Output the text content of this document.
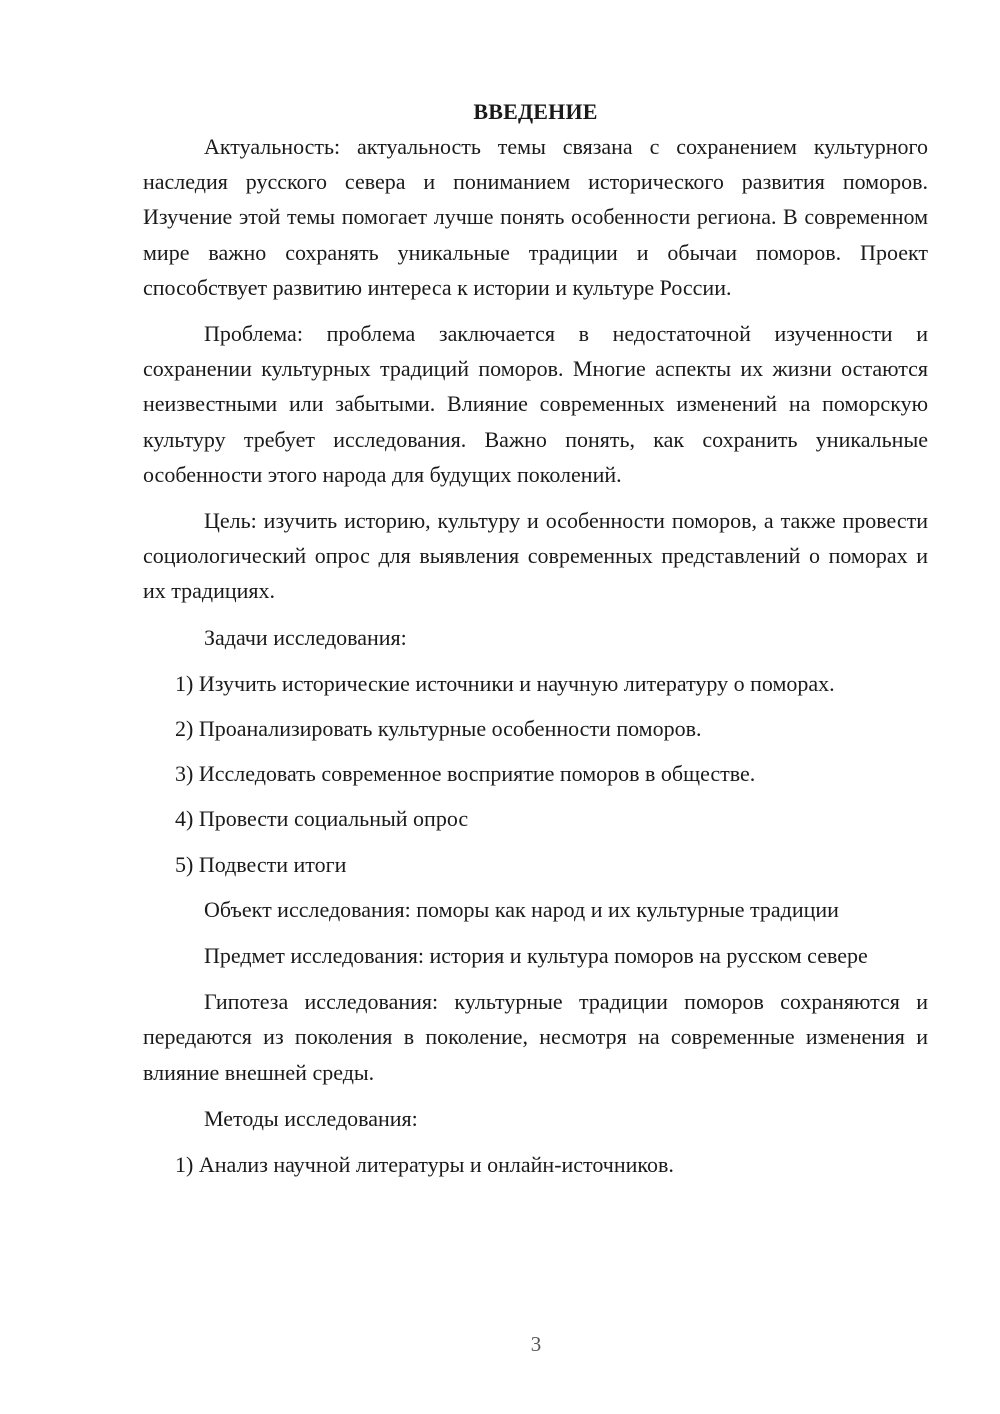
ВВЕДЕНИЕ

Актуальность: актуальность темы связана с сохранением культурного наследия русского севера и пониманием исторического развития поморов. Изучение этой темы помогает лучше понять особенности региона. В современном мире важно сохранять уникальные традиции и обычаи поморов. Проект способствует развитию интереса к истории и культуре России.

Проблема: проблема заключается в недостаточной изученности и сохранении культурных традиций поморов. Многие аспекты их жизни остаются неизвестными или забытыми. Влияние современных изменений на поморскую культуру требует исследования. Важно понять, как сохранить уникальные особенности этого народа для будущих поколений.

Цель: изучить историю, культуру и особенности поморов, а также провести социологический опрос для выявления современных представлений о поморах и их традициях.

Задачи исследования:

1) Изучить исторические источники и научную литературу о поморах.
2) Проанализировать культурные особенности поморов.
3) Исследовать современное восприятие поморов в обществе.
4) Провести социальный опрос
5) Подвести итоги

Объект исследования: поморы как народ и их культурные традиции

Предмет исследования: история и культура поморов на русском севере

Гипотеза исследования: культурные традиции поморов сохраняются и передаются из поколения в поколение, несмотря на современные изменения и влияние внешней среды.

Методы исследования:

1) Анализ научной литературы и онлайн-источников.
3
